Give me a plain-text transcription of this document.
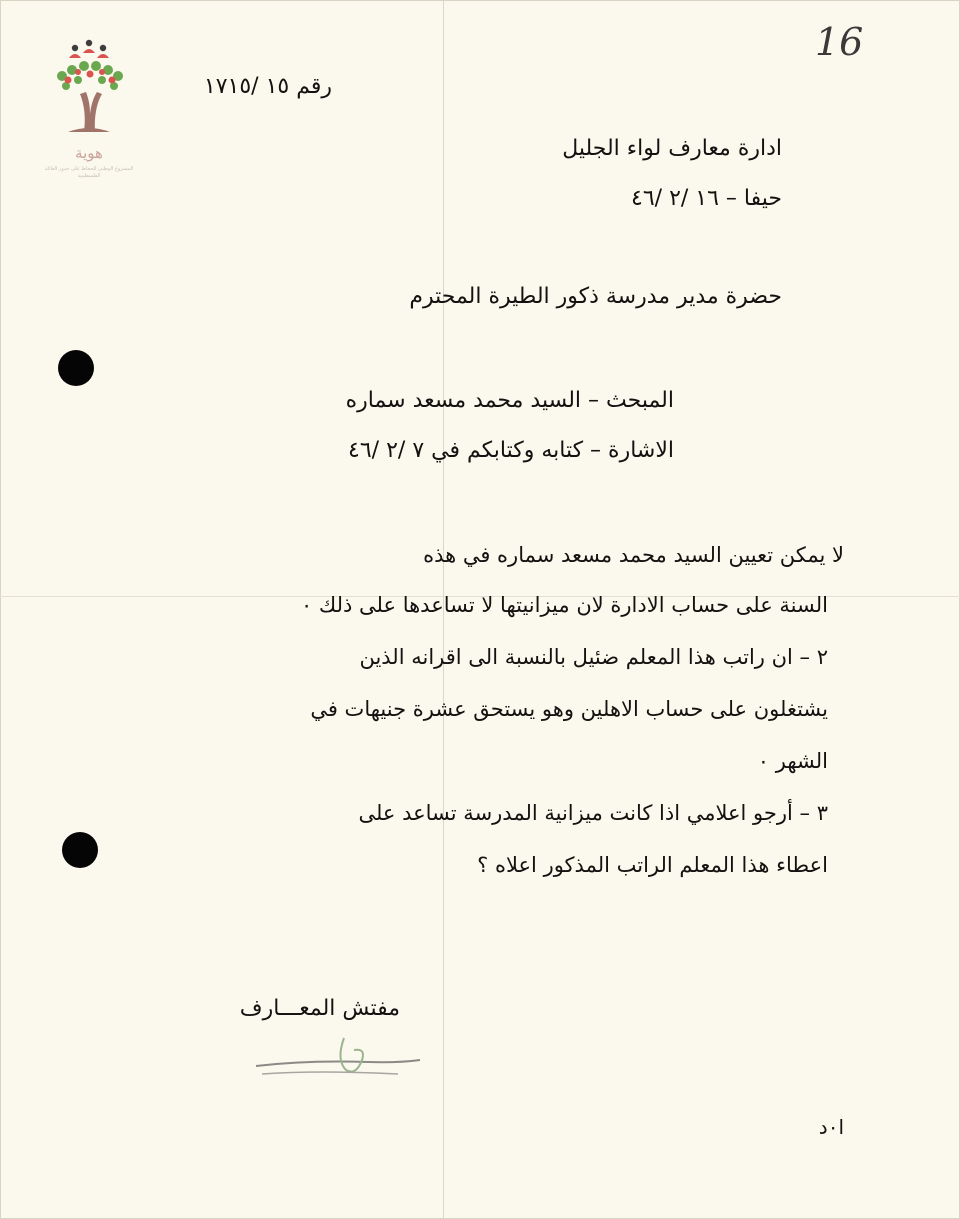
هوية
المشروع الوطني للحفاظ على جذور العائلة الفلسطينية
16
رقم ١٥ /١٧١٥
ادارة معارف لواء الجليل
حيفا – ١٦ /٢ /٤٦
حضرة مدير مدرسة ذكور الطيرة المحترم
المبحث – السيد محمد مسعد سماره
الاشارة – كتابه وكتابكم في ٧ /٢ /٤٦
لا يمكن تعيين السيد محمد مسعد سماره في هذه
السنة على حساب الادارة لان ميزانيتها لا تساعدها على ذلك ٠
٢ – ان راتب هذا المعلم ضئيل بالنسبة الى اقرانه الذين
يشتغلون على حساب الاهلين وهو يستحق عشرة جنيهات في
الشهر ٠
٣ – أرجو اعلامي اذا كانت ميزانية المدرسة تساعد على
اعطاء هذا المعلم الراتب المذكور اعلاه ؟
مفتش المعـــارف
ا٠د
